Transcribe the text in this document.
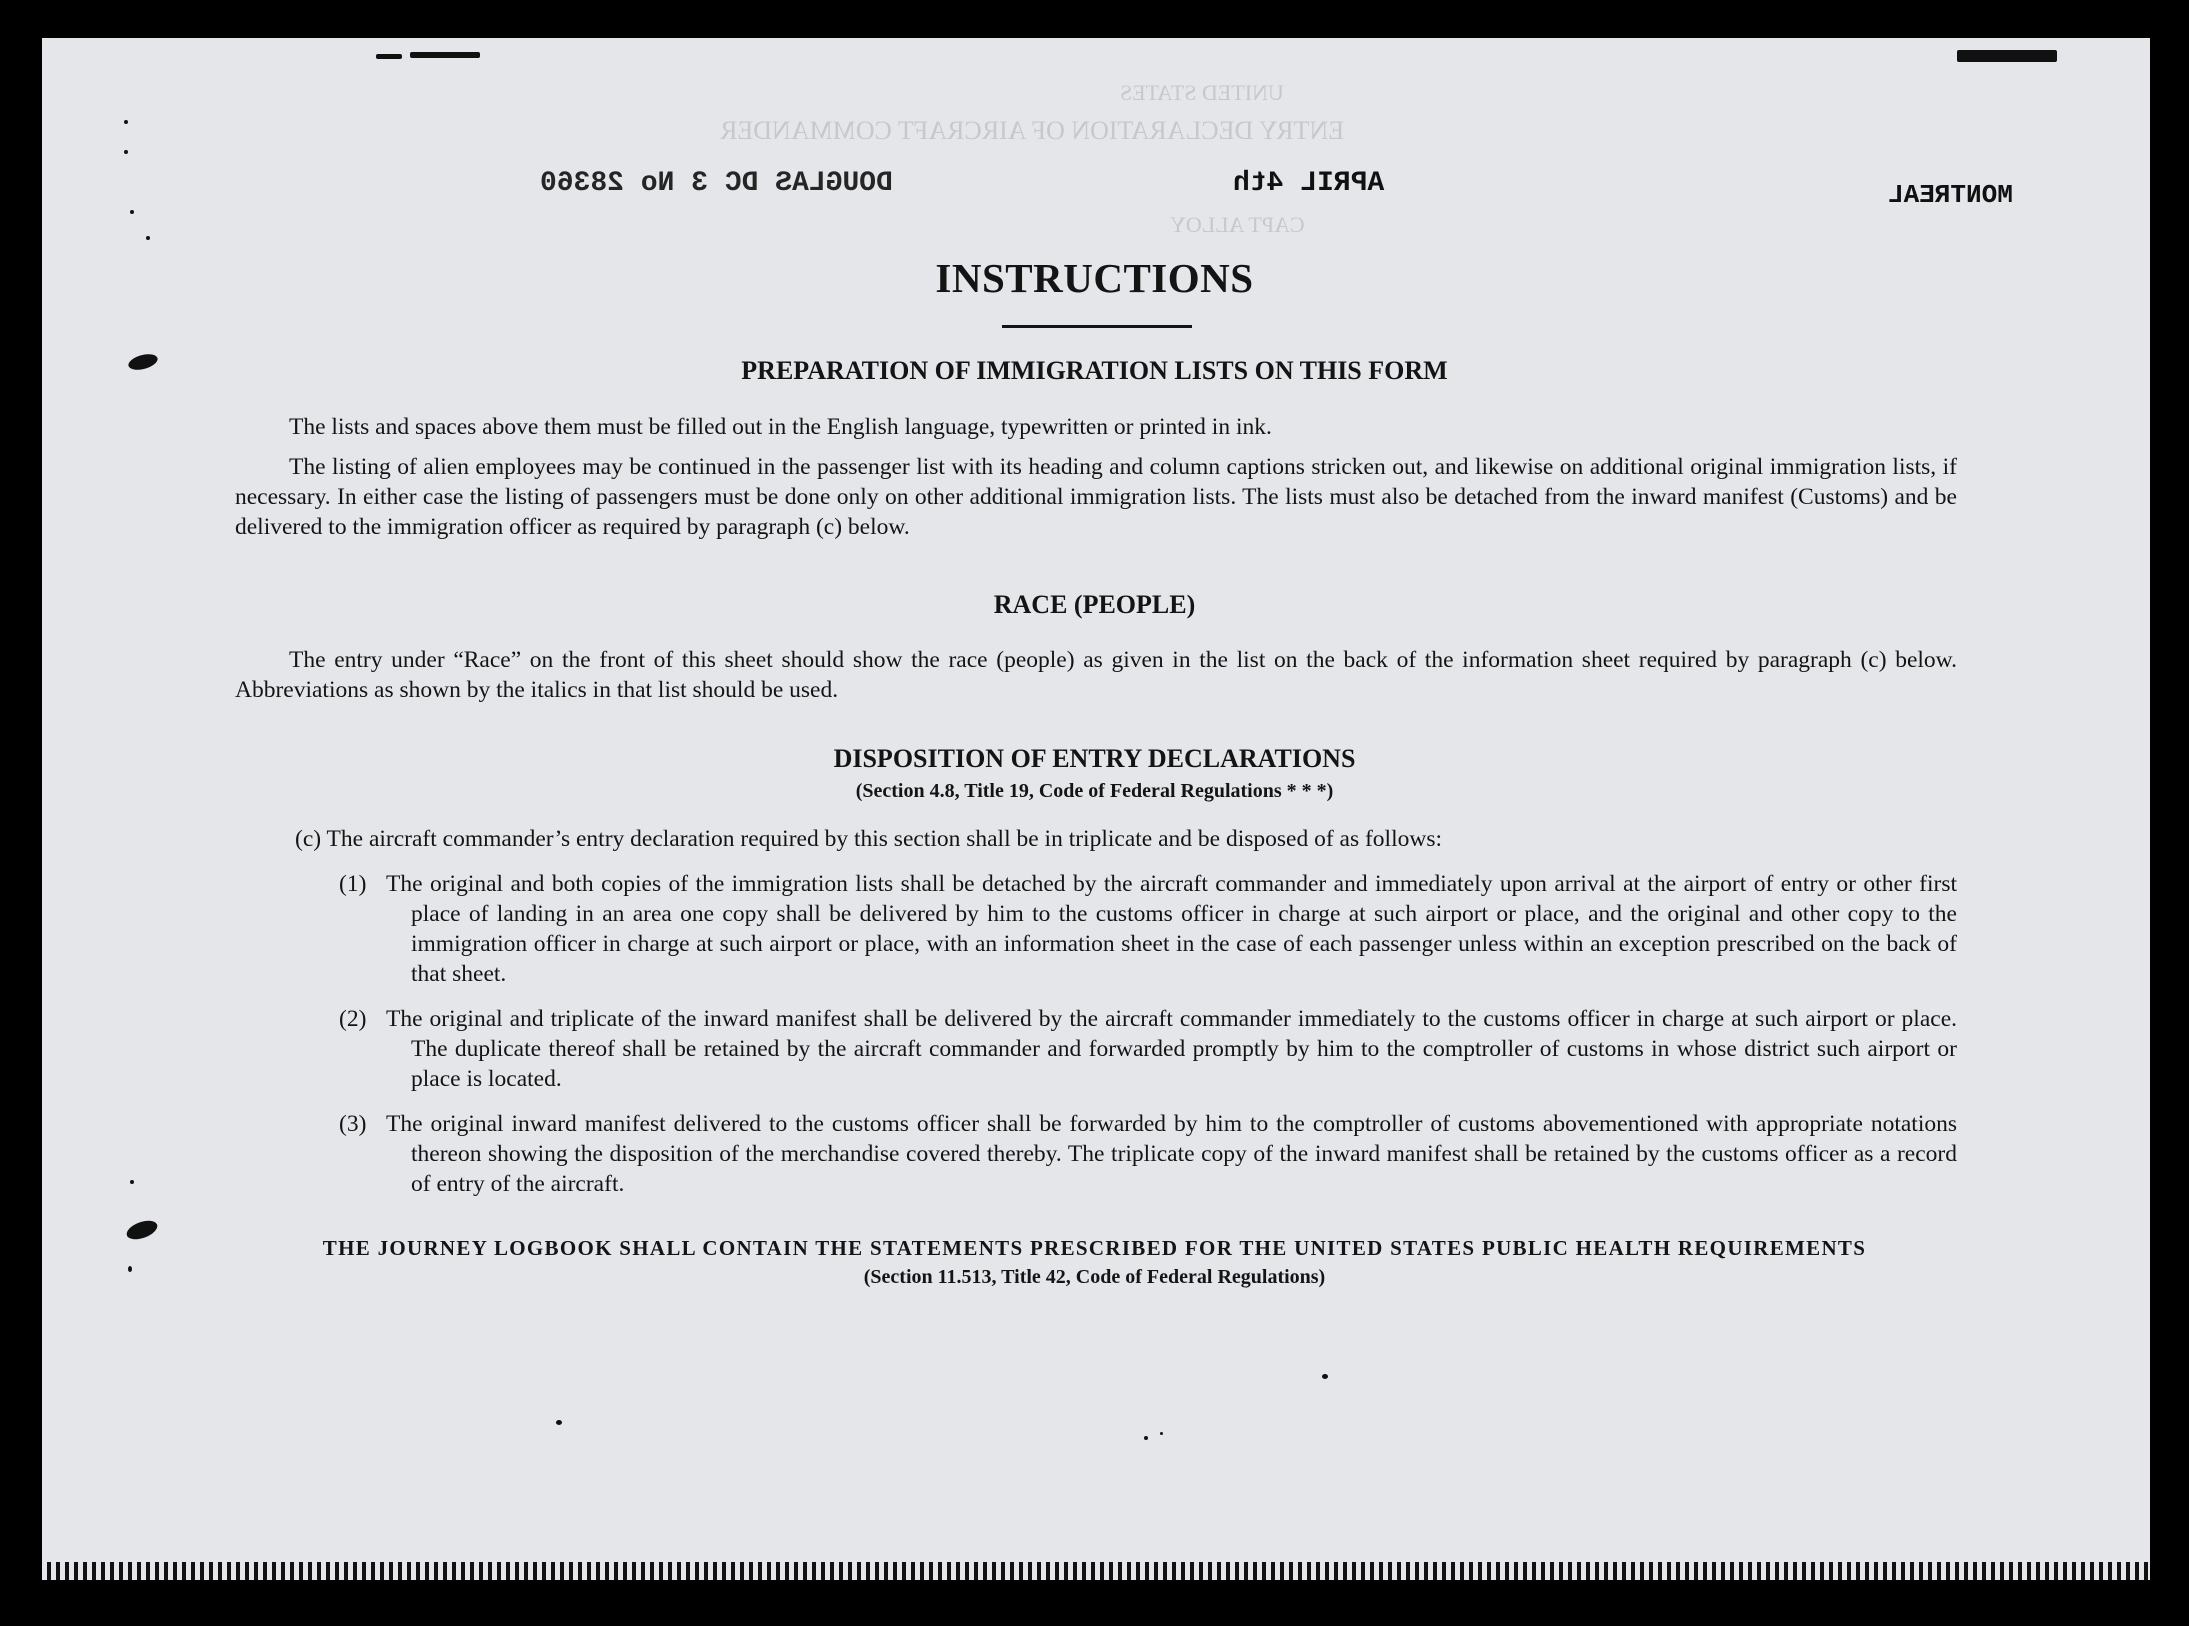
MONTREAL
APRIL 4th
DOUGLAS DC 3 No 28360
UNITED STATES
ENTRY DECLARATION OF AIRCRAFT COMMANDER
CAPT ALLOY
INSTRUCTIONS
PREPARATION OF IMMIGRATION LISTS ON THIS FORM

The lists and spaces above them must be filled out in the English language, typewritten or printed in ink.

The listing of alien employees may be continued in the passenger list with its heading and column captions stricken out, and likewise on additional original immigration lists, if necessary. In either case the listing of passengers must be done only on other additional immigration lists. The lists must also be detached from the inward manifest (Customs) and be delivered to the immigration officer as required by paragraph (c) below.

RACE (PEOPLE)

The entry under “Race” on the front of this sheet should show the race (people) as given in the list on the back of the information sheet required by paragraph (c) below. Abbreviations as shown by the italics in that list should be used.

DISPOSITION OF ENTRY DECLARATIONS
(Section 4.8, Title 19, Code of Federal Regulations * * *)

(c) The aircraft commander’s entry declaration required by this section shall be in triplicate and be disposed of as follows:

(1) The original and both copies of the immigration lists shall be detached by the aircraft commander and immediately upon arrival at the airport of entry or other first place of landing in an area one copy shall be delivered by him to the customs officer in charge at such airport or place, and the original and other copy to the immigration officer in charge at such airport or place, with an information sheet in the case of each passenger unless within an exception prescribed on the back of that sheet.

(2) The original and triplicate of the inward manifest shall be delivered by the aircraft commander immediately to the customs officer in charge at such airport or place. The duplicate thereof shall be retained by the aircraft commander and forwarded promptly by him to the comptroller of customs in whose district such airport or place is located.

(3) The original inward manifest delivered to the customs officer shall be forwarded by him to the comptroller of customs abovementioned with appropriate notations thereon showing the disposition of the merchandise covered thereby. The triplicate copy of the inward manifest shall be retained by the customs officer as a record of entry of the aircraft.

THE JOURNEY LOGBOOK SHALL CONTAIN THE STATEMENTS PRESCRIBED FOR THE UNITED STATES PUBLIC HEALTH REQUIREMENTS
(Section 11.513, Title 42, Code of Federal Regulations)
